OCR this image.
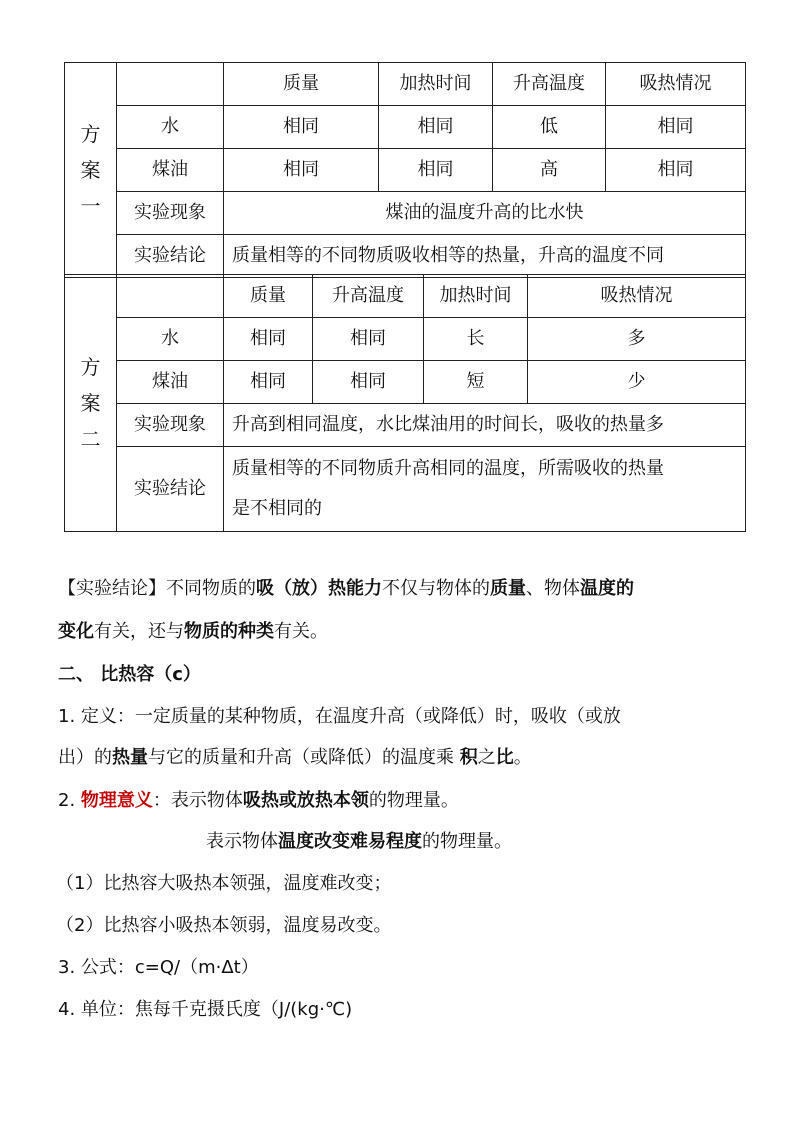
方
案
一		质量	加热时间	升高温度	吸热情况
	水	相同	相同	低	相同
	煤油	相同	相同	高	相同
	实验现象	煤油的温度升高的比水快			
	实验结论	质量相等的不同物质吸收相等的热量，升高的温度不同			
方
案
二		质量	升高温度	加热时间	吸热情况
	水	相同	相同	长	多
	煤油	相同	相同	短	少
	实验现象	升高到相同温度，水比煤油用的时间长，吸收的热量多			
	实验结论	质量相等的不同物质升高相同的温度，所需吸收的热量
是不相同的			
【实验结论】不同物质的吸（放）热能力不仅与物体的质量、物体温度的
变化有关，还与物质的种类有关。
二、 比热容（c）
1. 定义：一定质量的某种物质，在温度升高（或降低）时，吸收（或放
出）的热量与它的质量和升高（或降低）的温度乘 积之比。
2. 物理意义：表示物体吸热或放热本领的物理量。
表示物体温度改变难易程度的物理量。
（1）比热容大吸热本领强，温度难改变；
（2）比热容小吸热本领弱，温度易改变。
3. 公式：c=Q/（m·Δt）
4. 单位：焦每千克摄氏度（J/(kg·℃)
